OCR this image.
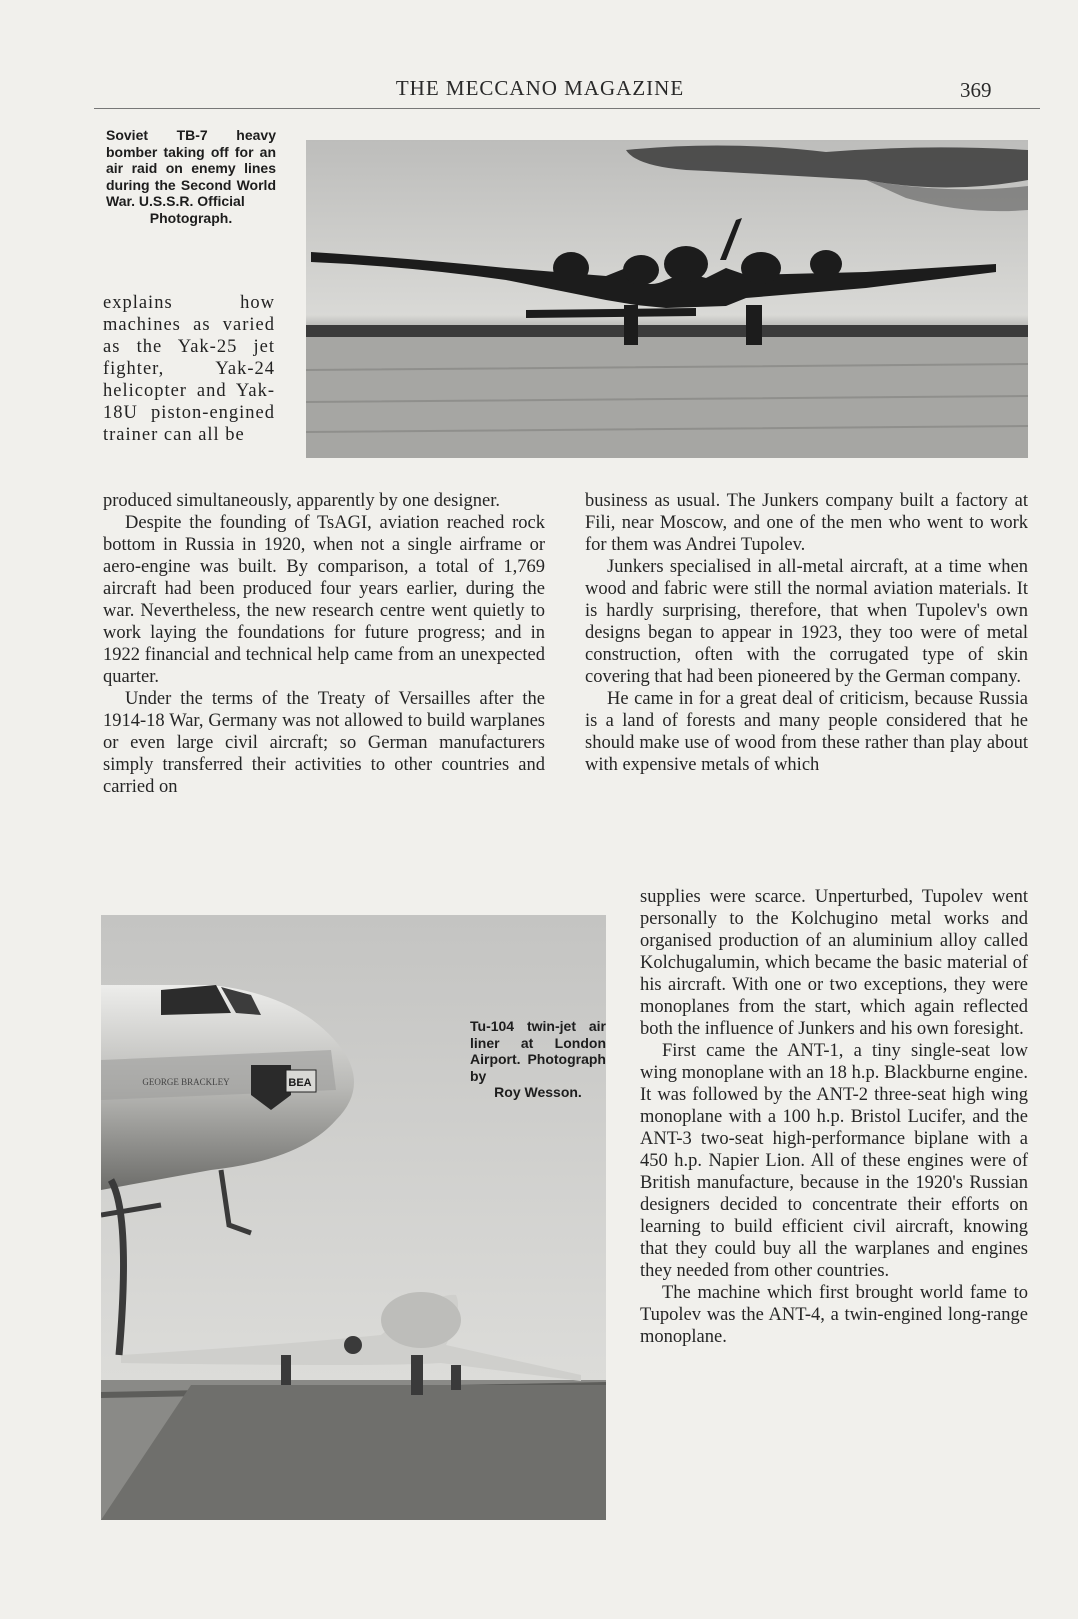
THE MECCANO MAGAZINE	369
Soviet TB-7 heavy bomber taking off for an air raid on enemy lines during the Second World War. U.S.S.R. Official
Photograph.
explains how machines as varied as the Yak-25 jet fighter, Yak-24 helicopter and Yak-18U piston-engined trainer can all be

produced simultaneously, apparently by one designer.

Despite the founding of TsAGI, aviation reached rock bottom in Russia in 1920, when not a single airframe or aero-engine was built. By comparison, a total of 1,769 aircraft had been produced four years earlier, during the war. Nevertheless, the new research centre went quietly to work laying the foundations for future progress; and in 1922 financial and technical help came from an unexpected quarter.

Under the terms of the Treaty of Versailles after the 1914-18 War, Germany was not allowed to build warplanes or even large civil aircraft; so German manufacturers simply transferred their activities to other countries and carried on

business as usual. The Junkers company built a factory at Fili, near Moscow, and one of the men who went to work for them was Andrei Tupolev.

Junkers specialised in all-metal aircraft, at a time when wood and fabric were still the normal aviation materials. It is hardly surprising, therefore, that when Tupolev's own designs began to appear in 1923, they too were of metal construction, often with the corrugated type of skin covering that had been pioneered by the German company.

He came in for a great deal of criticism, because Russia is a land of forests and many people considered that he should make use of wood from these rather than play about with expensive metals of which

supplies were scarce. Unperturbed, Tupolev went personally to the Kolchugino metal works and organised production of an aluminium alloy called Kolchugalumin, which became the basic material of his aircraft. With one or two exceptions, they were monoplanes from the start, which again reflected both the influence of Junkers and his own foresight.

First came the ANT-1, a tiny single-seat low wing monoplane with an 18 h.p. Blackburne engine. It was followed by the ANT-2 three-seat high wing monoplane with a 100 h.p. Bristol Lucifer, and the ANT-3 two-seat high-performance biplane with a 450 h.p. Napier Lion. All of these engines were of British manufacture, because in the 1920's Russian designers decided to concentrate their efforts on learning to build efficient civil aircraft, knowing that they could buy all the warplanes and engines they needed from other countries.

The machine which first brought world fame to Tupolev was the ANT-4, a twin-engined long-range monoplane.

BEA
GEORGE BRACKLEY
Tu-104 twin-jet air liner at London Airport. Photograph by
Roy Wesson.
